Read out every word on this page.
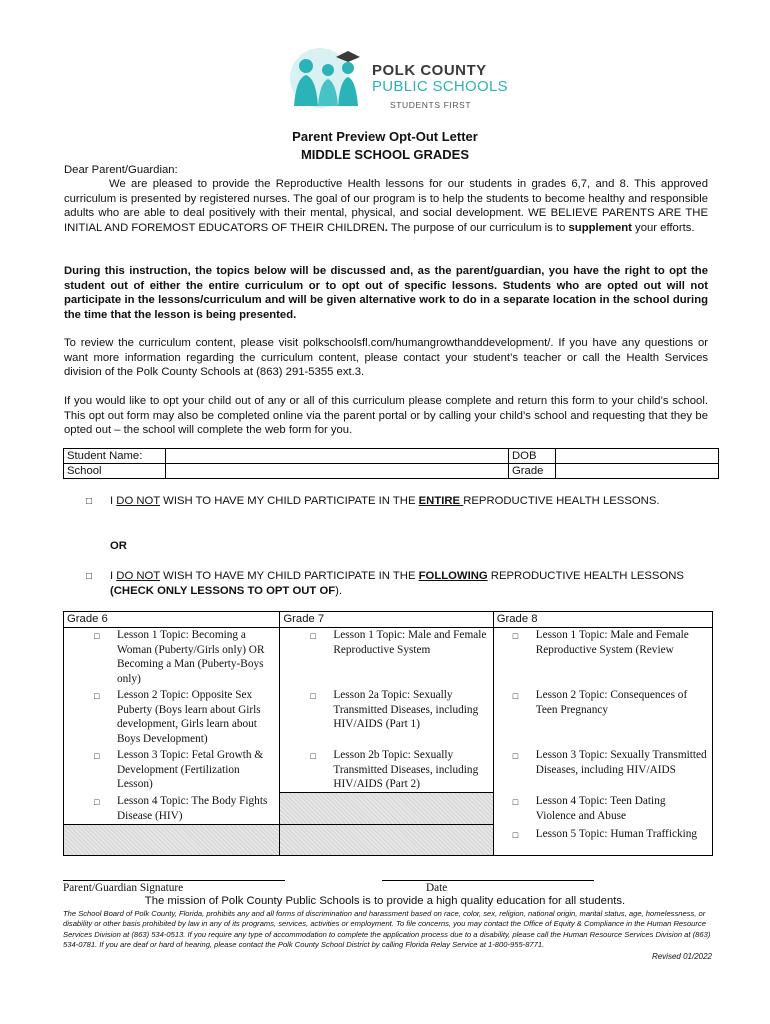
POLK COUNTY
PUBLIC SCHOOLS
STUDENTS FIRST
Parent Preview Opt-Out Letter
MIDDLE SCHOOL GRADES
Dear Parent/Guardian:
We are pleased to provide the Reproductive Health lessons for our students in grades 6,7, and 8. This approved curriculum is presented by registered nurses. The goal of our program is to help the students to become healthy and responsible adults who are able to deal positively with their mental, physical, and social development. WE BELIEVE PARENTS ARE THE INITIAL AND FOREMOST EDUCATORS OF THEIR CHILDREN. The purpose of our curriculum is to supplement your efforts.
During this instruction, the topics below will be discussed and, as the parent/guardian, you have the right to opt the student out of either the entire curriculum or to opt out of specific lessons. Students who are opted out will not participate in the lessons/curriculum and will be given alternative work to do in a separate location in the school during the time that the lesson is being presented.
To review the curriculum content, please visit polkschoolsfl.com/humangrowthanddevelopment/. If you have any questions or want more information regarding the curriculum content, please contact your student’s teacher or call the Health Services division of the Polk County Schools at (863) 291-5355 ext.3.
If you would like to opt your child out of any or all of this curriculum please complete and return this form to your child’s school. This opt out form may also be completed online via the parent portal or by calling your child’s school and requesting that they be opted out – the school will complete the web form for you.
Student Name:		DOB	
School		Grade	
□ I DO NOT WISH TO HAVE MY CHILD PARTICIPATE IN THE ENTIRE REPRODUCTIVE HEALTH LESSONS.
OR
□ I DO NOT WISH TO HAVE MY CHILD PARTICIPATE IN THE FOLLOWING REPRODUCTIVE HEALTH LESSONS (CHECK ONLY LESSONS TO OPT OUT OF).
Grade 6	Grade 7	Grade 8

□ Lesson 1 Topic: Becoming a Woman (Puberty/Girls only) OR Becoming a Man (Puberty-Boys only)	□ Lesson 1 Topic: Male and Female Reproductive System	□ Lesson 1 Topic: Male and Female Reproductive System (Review

□ Lesson 2 Topic: Opposite Sex Puberty (Boys learn about Girls development, Girls learn about Boys Development)	□ Lesson 2a Topic: Sexually Transmitted Diseases, including HIV/AIDS (Part 1)	□ Lesson 2 Topic: Consequences of Teen Pregnancy

□ Lesson 3 Topic: Fetal Growth & Development (Fertilization Lesson)	□ Lesson 2b Topic: Sexually Transmitted Diseases, including HIV/AIDS (Part 2)	□ Lesson 3 Topic: Sexually Transmitted Diseases, including HIV/AIDS

□ Lesson 4 Topic: The Body Fights Disease (HIV)		□ Lesson 4 Topic: Teen Dating Violence and Abuse

		□ Lesson 5 Topic: Human Trafficking
Parent/Guardian Signature	Date
The mission of Polk County Public Schools is to provide a high quality education for all students.
The School Board of Polk County, Florida, prohibits any and all forms of discrimination and harassment based on race, color, sex, religion, national origin, marital status, age, homelessness, or disability or other basis prohibited by law in any of its programs, services, activities or employment. To file concerns, you may contact the Office of Equity & Compliance in the Human Resource Services Division at (863) 534-0513. If you require any type of accommodation to complete the application process due to a disability, please call the Human Resource Services Division at (863) 534-0781. If you are deaf or hard of hearing, please contact the Polk County School District by calling Florida Relay Service at 1-800-955-8771.
Revised 01/2022
